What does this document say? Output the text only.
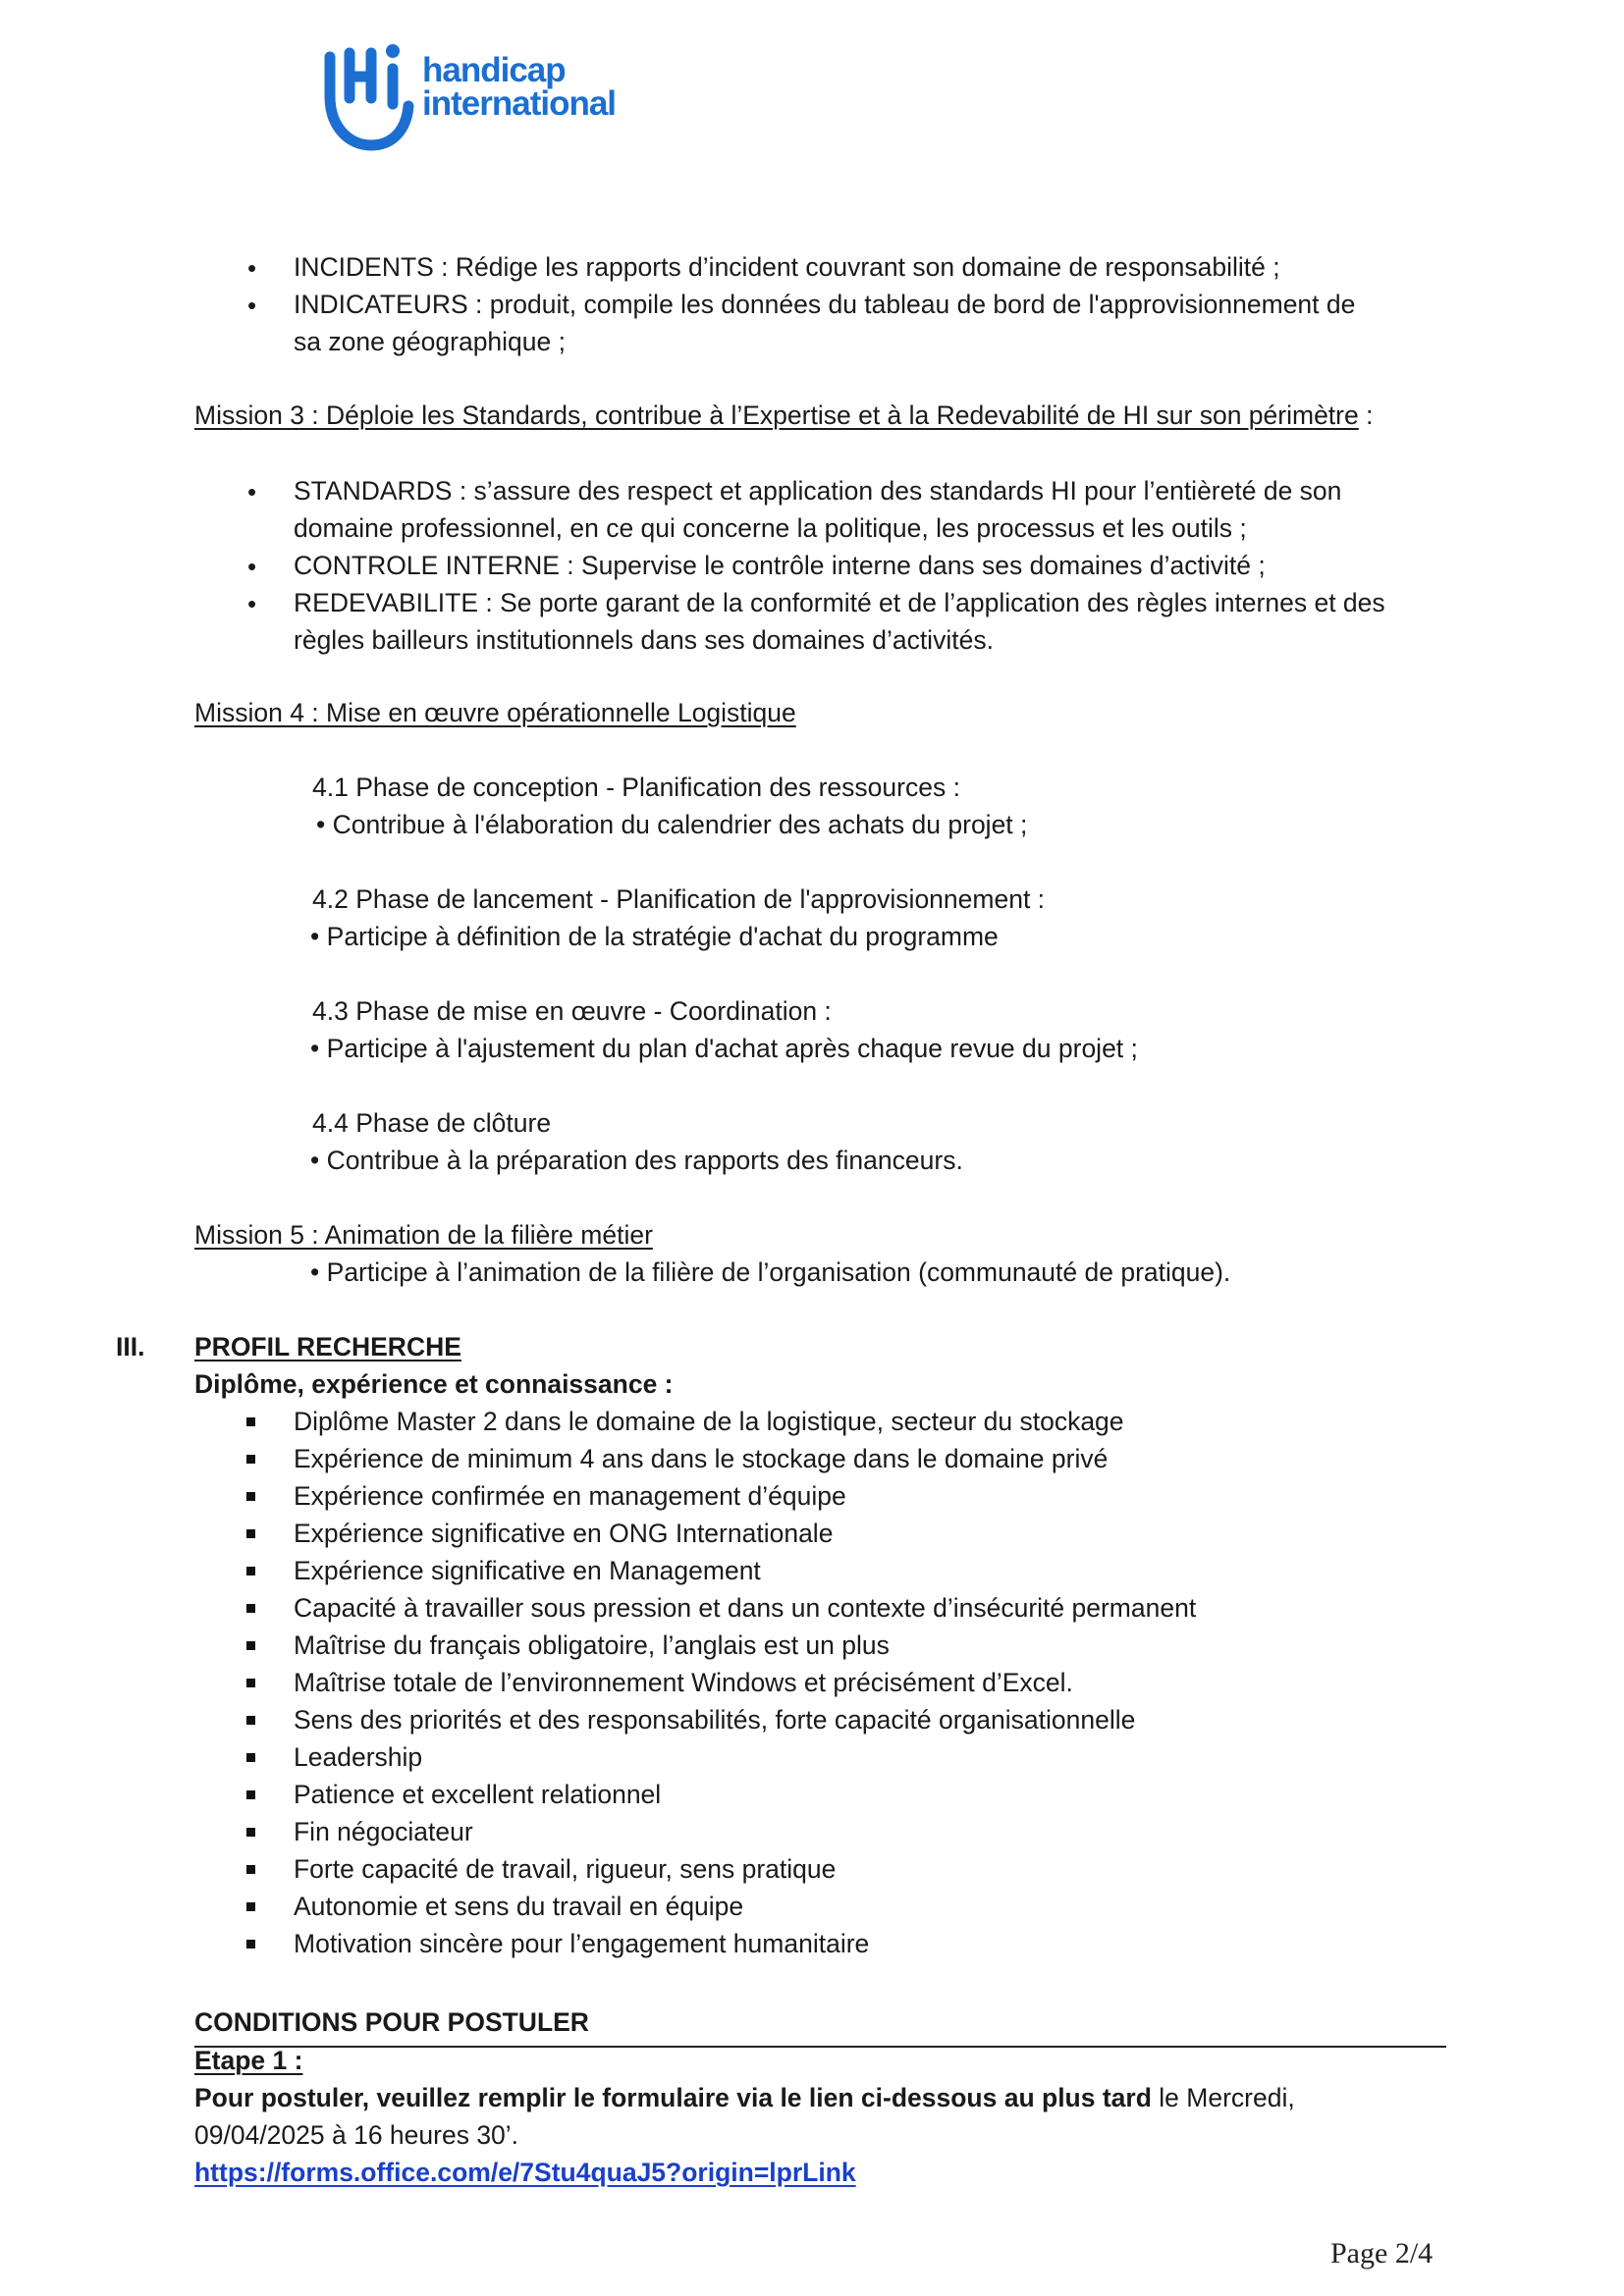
handicap
international
• INCIDENTS : Rédige les rapports d’incident couvrant son domaine de responsabilité ;
• INDICATEURS : produit, compile les données du tableau de bord de l'approvisionnement de
sa zone géographique ;
Mission 3 : Déploie les Standards, contribue à l’Expertise et à la Redevabilité de HI sur son périmètre :
• STANDARDS : s’assure des respect et application des standards HI pour l’entièreté de son
domaine professionnel, en ce qui concerne la politique, les processus et les outils ;
• CONTROLE INTERNE : Supervise le contrôle interne dans ses domaines d’activité ;
• REDEVABILITE : Se porte garant de la conformité et de l’application des règles internes et des
règles bailleurs institutionnels dans ses domaines d’activités.
Mission 4 : Mise en œuvre opérationnelle Logistique
4.1 Phase de conception - Planification des ressources :
• Contribue à l'élaboration du calendrier des achats du projet ;
4.2 Phase de lancement - Planification de l'approvisionnement :
• Participe à définition de la stratégie d'achat du programme
4.3 Phase de mise en œuvre - Coordination :
• Participe à l'ajustement du plan d'achat après chaque revue du projet ;
4.4 Phase de clôture
• Contribue à la préparation des rapports des financeurs.
Mission 5 : Animation de la filière métier
• Participe à l’animation de la filière de l’organisation (communauté de pratique).
III. PROFIL RECHERCHE
Diplôme, expérience et connaissance :
Diplôme Master 2 dans le domaine de la logistique, secteur du stockage
Expérience de minimum 4 ans dans le stockage dans le domaine privé
Expérience confirmée en management d’équipe
Expérience significative en ONG Internationale
Expérience significative en Management
Capacité à travailler sous pression et dans un contexte d’insécurité permanent
Maîtrise du français obligatoire, l’anglais est un plus
Maîtrise totale de l’environnement Windows et précisément d’Excel.
Sens des priorités et des responsabilités, forte capacité organisationnelle
Leadership
Patience et excellent relationnel
Fin négociateur
Forte capacité de travail, rigueur, sens pratique
Autonomie et sens du travail en équipe
Motivation sincère pour l’engagement humanitaire
CONDITIONS POUR POSTULER
Etape 1 :
Pour postuler, veuillez remplir le formulaire via le lien ci-dessous au plus tard le Mercredi,
09/04/2025 à 16 heures 30’.
https://forms.office.com/e/7Stu4quaJ5?origin=lprLink
Page 2/4
